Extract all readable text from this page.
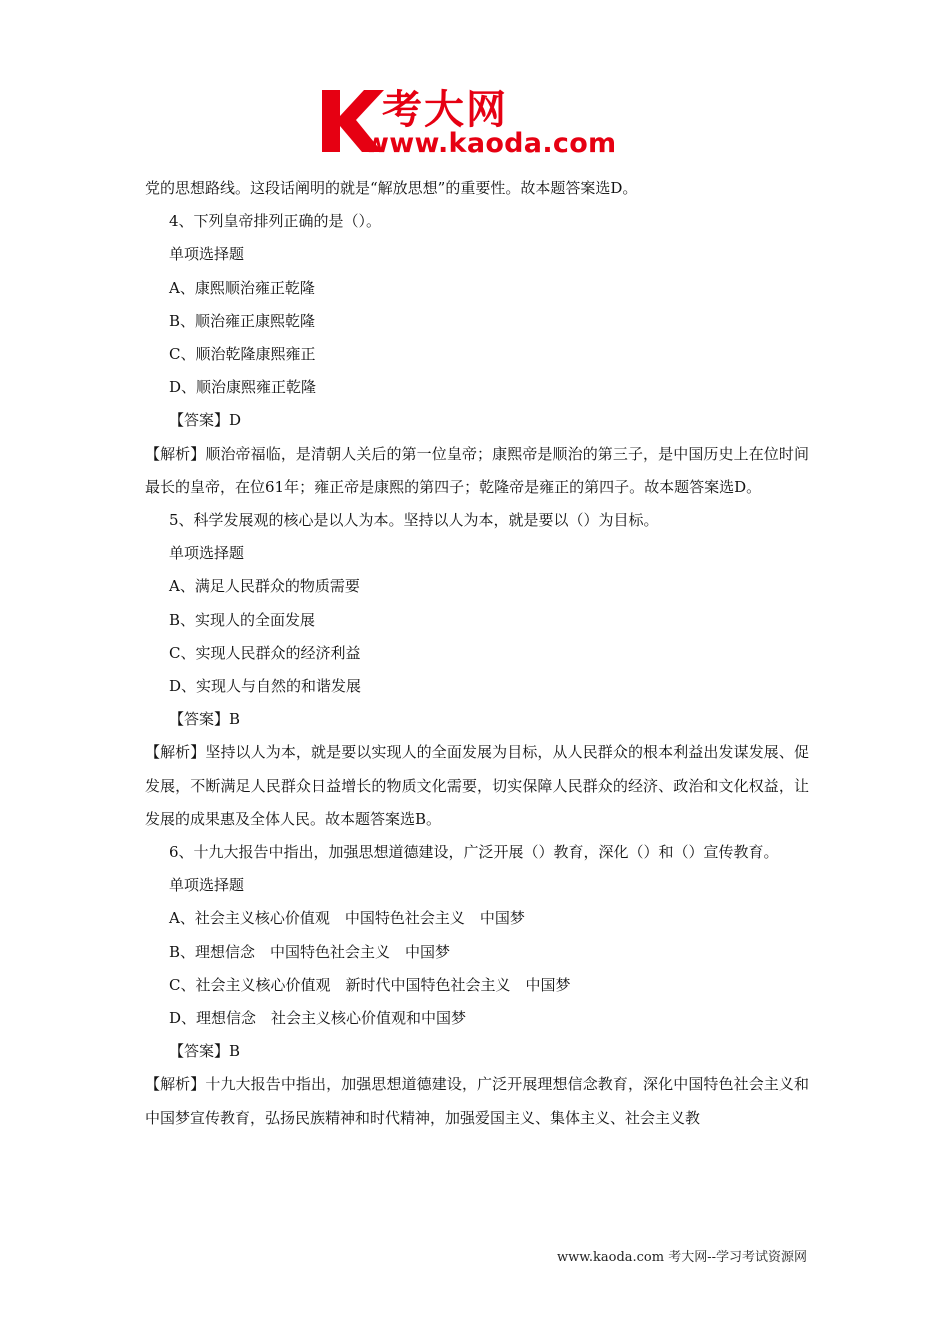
考大网
www.kaoda.com

党的思想路线。这段话阐明的就是“解放思想”的重要性。故本题答案选D。

4、下列皇帝排列正确的是（）。

单项选择题

A、康熙顺治雍正乾隆

B、顺治雍正康熙乾隆

C、顺治乾隆康熙雍正

D、顺治康熙雍正乾隆

【答案】D

【解析】顺治帝福临，是清朝人关后的第一位皇帝；康熙帝是顺治的第三子，是中国历史上在位时间最长的皇帝，在位61年；雍正帝是康熙的第四子；乾隆帝是雍正的第四子。故本题答案选D。

5、科学发展观的核心是以人为本。坚持以人为本，就是要以（）为目标。

单项选择题

A、满足人民群众的物质需要

B、实现人的全面发展

C、实现人民群众的经济利益

D、实现人与自然的和谐发展

【答案】B

【解析】坚持以人为本，就是要以实现人的全面发展为目标，从人民群众的根本利益出发谋发展、促发展，不断满足人民群众日益增长的物质文化需要，切实保障人民群众的经济、政治和文化权益，让发展的成果惠及全体人民。故本题答案选B。

6、十九大报告中指出，加强思想道德建设，广泛开展（）教育，深化（）和（）宣传教育。

单项选择题

A、社会主义核心价值观　中国特色社会主义　中国梦

B、理想信念　中国特色社会主义　中国梦

C、社会主义核心价值观　新时代中国特色社会主义　中国梦

D、理想信念　社会主义核心价值观和中国梦

【答案】B

【解析】十九大报告中指出，加强思想道德建设，广泛开展理想信念教育，深化中国特色社会主义和中国梦宣传教育，弘扬民族精神和时代精神，加强爱国主义、集体主义、社会主义教

www.kaoda.com 考大网--学习考试资源网
